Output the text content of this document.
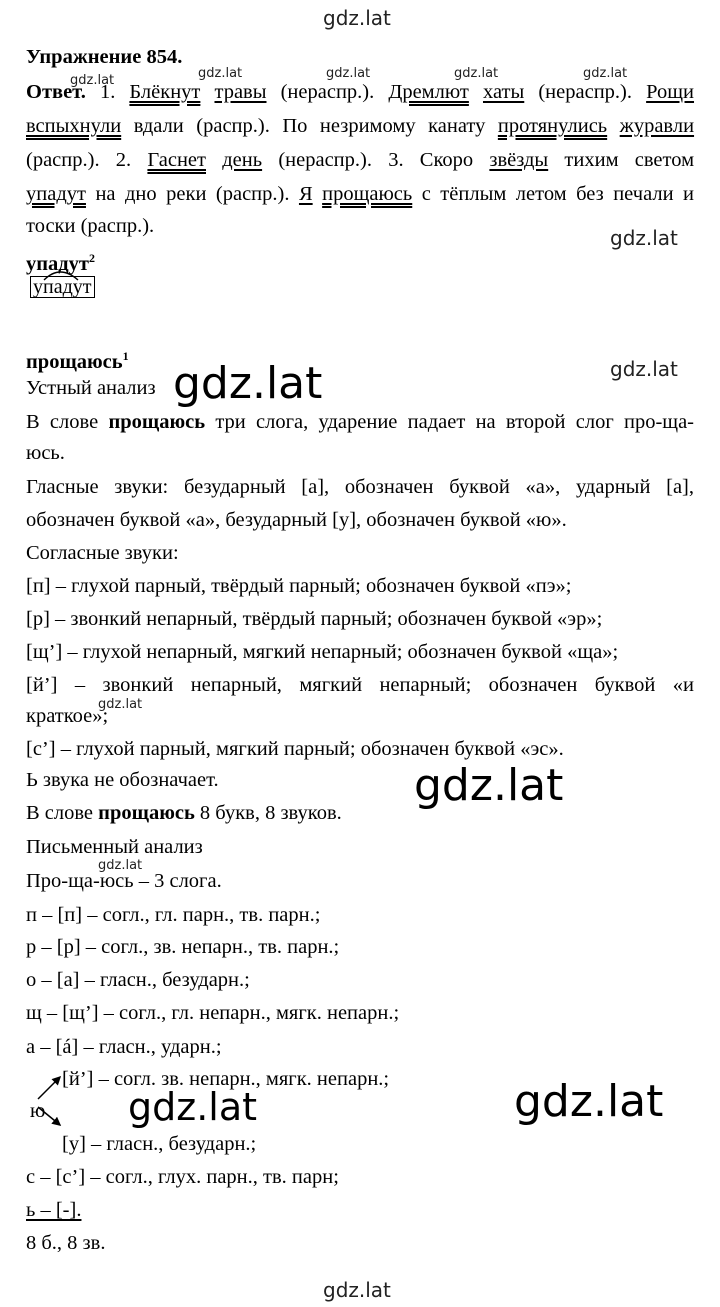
gdz.lat
gdz.lat	gdz.lat	gdz.lat	gdz.lat	gdz.lat
gdz.lat
gdz.lat
gdz.lat
gdz.lat
gdz.lat
gdz.lat
gdz.lat	gdz.lat
gdz.lat
Упражнение 854.
Ответ. 1. Блёкнут травы (нераспр.). Дремлют хаты (нераспр.). Рощи
вспыхнули вдали (распр.). По незримому канату протянулись журавли
(распр.). 2. Гаснет день (нераспр.). 3. Скоро звёзды тихим светом
упадут на дно реки (распр.). Я прощаюсь с тёплым летом без печали и
тоски (распр.).
упадут$^2$
упадут
прощаюсь$^1$
Устный анализ
В слове прощаюсь три слога, ударение падает на второй слог про-ща-
юсь.
Гласные звуки: безударный [а], обозначен буквой «а», ударный [а],
обозначен буквой «а», безударный [у], обозначен буквой «ю».
Согласные звуки:
[п] – глухой парный, твёрдый парный; обозначен буквой «пэ»;
[р] – звонкий непарный, твёрдый парный; обозначен буквой «эр»;
[щ’] – глухой непарный, мягкий непарный; обозначен буквой «ща»;
[й’] – звонкий непарный, мягкий непарный; обозначен буквой «и
краткое»;
[с’] – глухой парный, мягкий парный; обозначен буквой «эс».
Ь звука не обозначает.
В слове прощаюсь 8 букв, 8 звуков.
Письменный анализ
Про-ща-юсь – 3 слога.
п – [п] – согл., гл. парн., тв. парн.;
р – [р] – согл., зв. непарн., тв. парн.;
о – [а] – гласн., безударн.;
щ – [щ’] – согл., гл. непарн., мягк. непарн.;
а – [á] – гласн., ударн.;
[й’] – согл. зв. непарн., мягк. непарн.;
ю
[у] – гласн., безударн.;
с – [с’] – согл., глух. парн., тв. парн;
ь – [-].
8 б., 8 зв.
